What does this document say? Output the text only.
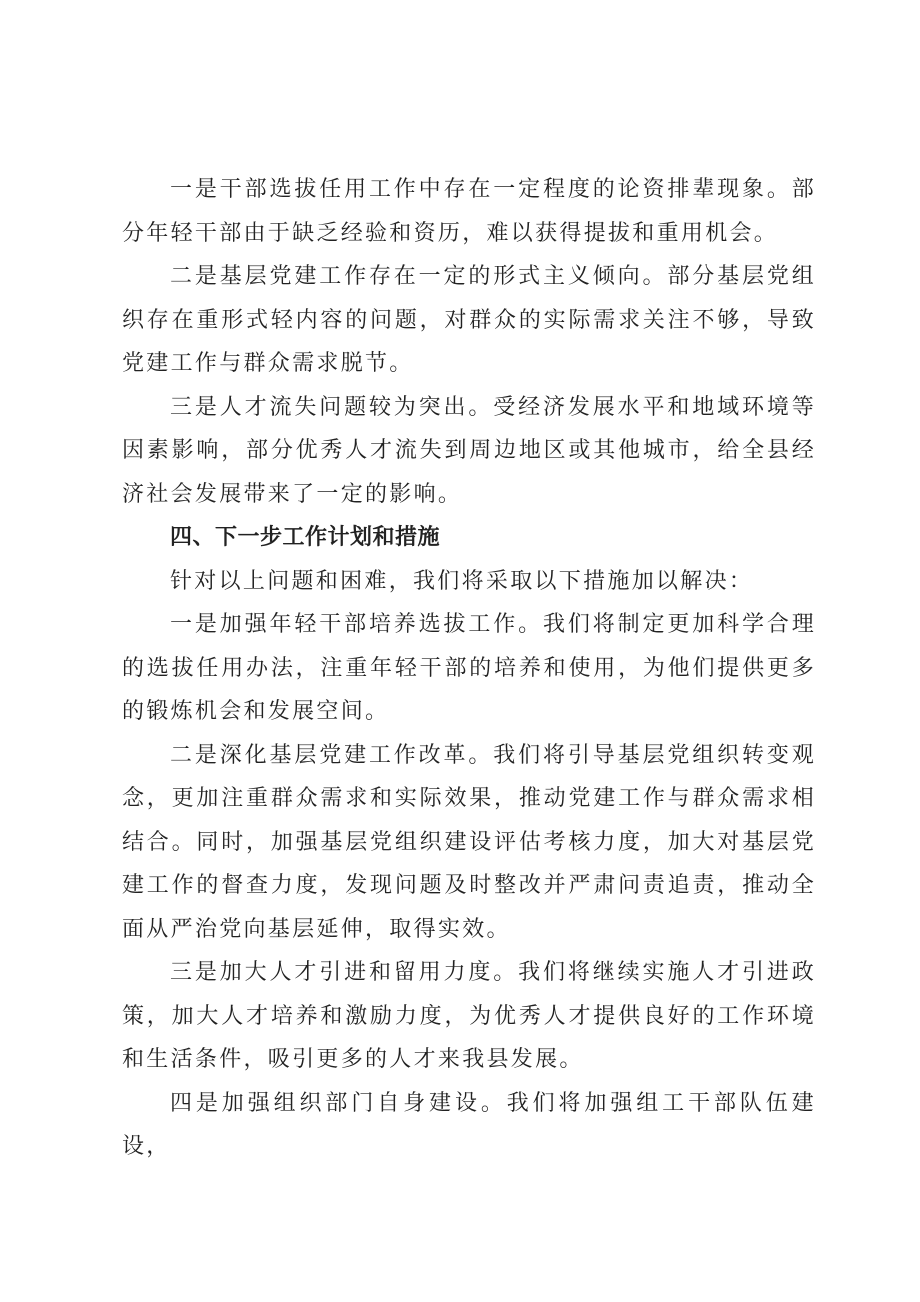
一是干部选拔任用工作中存在一定程度的论资排辈现象。部分年轻干部由于缺乏经验和资历，难以获得提拔和重用机会。

二是基层党建工作存在一定的形式主义倾向。部分基层党组织存在重形式轻内容的问题，对群众的实际需求关注不够，导致党建工作与群众需求脱节。

三是人才流失问题较为突出。受经济发展水平和地域环境等因素影响，部分优秀人才流失到周边地区或其他城市，给全县经济社会发展带来了一定的影响。

四、下一步工作计划和措施

针对以上问题和困难，我们将采取以下措施加以解决：

一是加强年轻干部培养选拔工作。我们将制定更加科学合理的选拔任用办法，注重年轻干部的培养和使用，为他们提供更多的锻炼机会和发展空间。

二是深化基层党建工作改革。我们将引导基层党组织转变观念，更加注重群众需求和实际效果，推动党建工作与群众需求相结合。同时，加强基层党组织建设评估考核力度，加大对基层党建工作的督查力度，发现问题及时整改并严肃问责追责，推动全面从严治党向基层延伸，取得实效。

三是加大人才引进和留用力度。我们将继续实施人才引进政策，加大人才培养和激励力度，为优秀人才提供良好的工作环境和生活条件，吸引更多的人才来我县发展。

四是加强组织部门自身建设。我们将加强组工干部队伍建设，
